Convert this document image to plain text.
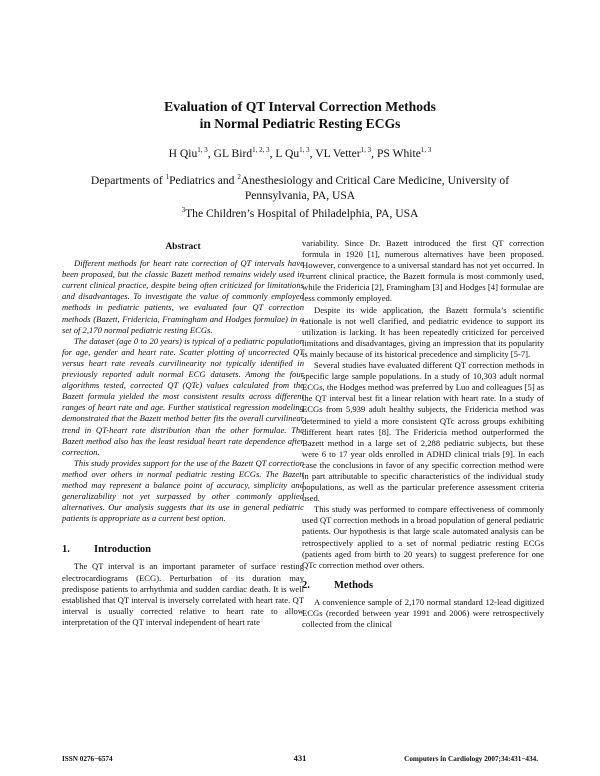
Evaluation of QT Interval Correction Methods
in Normal Pediatric Resting ECGs
H Qiu$^{1, 3}$, GL Bird$^{1, 2, 3}$, L Qu$^{1, 3}$, VL Vetter$^{1, 3}$, PS White$^{1, 3}$
Departments of $^1$Pediatrics and $^2$Anesthesiology and Critical Care Medicine, University of Pennsylvania, PA, USA
$^3$The Children’s Hospital of Philadelphia, PA, USA
Abstract

Different methods for heart rate correction of QT intervals have been proposed, but the classic Bazett method remains widely used in current clinical practice, despite being often criticized for limitations and disadvantages. To investigate the value of commonly employed methods in pediatric patients, we evaluated four QT correction methods (Bazett, Fridericia, Framingham and Hodges formulae) in a set of 2,170 normal pediatric resting ECGs.

The dataset (age 0 to 20 years) is typical of a pediatric population for age, gender and heart rate. Scatter plotting of uncorrected QT versus heart rate reveals curvilinearity not typically identified in previously reported adult normal ECG datasets. Among the four algorithms tested, corrected QT (QTc) values calculated from the Bazett formula yielded the most consistent results across different ranges of heart rate and age. Further statistical regression modeling demonstrated that the Bazett method better fits the overall curvilinear trend in QT-heart rate distribution than the other formulae. The Bazett method also has the least residual heart rate dependence after correction.

This study provides support for the use of the Bazett QT correction method over others in normal pediatric resting ECGs. The Bazett method may represent a balance point of accuracy, simplicity and generalizability not yet surpassed by other commonly applied alternatives. Our analysis suggests that its use in general pediatric patients is appropriate as a current best option.

1. Introduction

The QT interval is an important parameter of surface resting electrocardiograms (ECG). Perturbation of its duration may predispose patients to arrhythmia and sudden cardiac death. It is well established that QT interval is inversely correlated with heart rate. QT interval is usually corrected relative to heart rate to allow interpretation of the QT interval independent of heart rate

variability. Since Dr. Bazett introduced the first QT correction formula in 1920 [1], numerous alternatives have been proposed. However, convergence to a universal standard has not yet occurred. In current clinical practice, the Bazett formula is most commonly used, while the Fridericia [2], Framingham [3] and Hodges [4] formulae are less commonly employed.

Despite its wide application, the Bazett formula’s scientific rationale is not well clarified, and pediatric evidence to support its utilization is lacking. It has been repeatedly criticized for perceived limitations and disadvantages, giving an impression that its popularity is mainly because of its historical precedence and simplicity [5-7].

Several studies have evaluated different QT correction methods in specific large sample populations. In a study of 10,303 adult normal ECGs, the Hodges method was preferred by Luo and colleagues [5] as the QT interval best fit a linear relation with heart rate. In a study of ECGs from 5,939 adult healthy subjects, the Fridericia method was determined to yield a more consistent QTc across groups exhibiting different heart rates [8]. The Fridericia method outperformed the Bazett method in a large set of 2,288 pediatric subjects, but these were 6 to 17 year olds enrolled in ADHD clinical trials [9]. In each case the conclusions in favor of any specific correction method were in part attributable to specific characteristics of the individual study populations, as well as the particular preference assessment criteria used.

This study was performed to compare effectiveness of commonly used QT correction methods in a broad population of general pediatric patients. Our hypothesis is that large scale automated analysis can be retrospectively applied to a set of normal pediatric resting ECGs (patients aged from birth to 20 years) to suggest preference for one QTc correction method over others.

2. Methods

A convenience sample of 2,170 normal standard 12-lead digitized ECGs (recorded between year 1991 and 2006) were retrospectively collected from the clinical

ISSN 0276−6574	431	Computers in Cardiology 2007;34:431−434.
